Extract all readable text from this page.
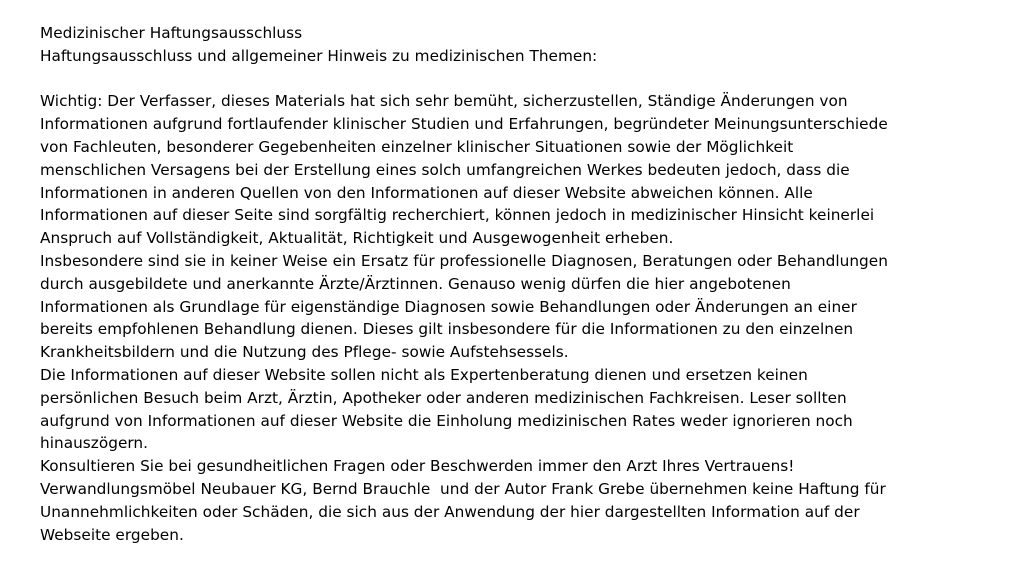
Medizinischer Haftungsausschluss
Haftungsausschluss und allgemeiner Hinweis zu medizinischen Themen:
Wichtig: Der Verfasser, dieses Materials hat sich sehr bemüht, sicherzustellen, Ständige Änderungen von
Informationen aufgrund fortlaufender klinischer Studien und Erfahrungen, begründeter Meinungsunterschiede
von Fachleuten, besonderer Gegebenheiten einzelner klinischer Situationen sowie der Möglichkeit
menschlichen Versagens bei der Erstellung eines solch umfangreichen Werkes bedeuten jedoch, dass die
Informationen in anderen Quellen von den Informationen auf dieser Website abweichen können. Alle
Informationen auf dieser Seite sind sorgfältig recherchiert, können jedoch in medizinischer Hinsicht keinerlei
Anspruch auf Vollständigkeit, Aktualität, Richtigkeit und Ausgewogenheit erheben.
Insbesondere sind sie in keiner Weise ein Ersatz für professionelle Diagnosen, Beratungen oder Behandlungen
durch ausgebildete und anerkannte Ärzte/Ärztinnen. Genauso wenig dürfen die hier angebotenen
Informationen als Grundlage für eigenständige Diagnosen sowie Behandlungen oder Änderungen an einer
bereits empfohlenen Behandlung dienen. Dieses gilt insbesondere für die Informationen zu den einzelnen
Krankheitsbildern und die Nutzung des Pflege- sowie Aufstehsessels.
Die Informationen auf dieser Website sollen nicht als Expertenberatung dienen und ersetzen keinen
persönlichen Besuch beim Arzt, Ärztin, Apotheker oder anderen medizinischen Fachkreisen. Leser sollten
aufgrund von Informationen auf dieser Website die Einholung medizinischen Rates weder ignorieren noch
hinauszögern.
Konsultieren Sie bei gesundheitlichen Fragen oder Beschwerden immer den Arzt Ihres Vertrauens!
Verwandlungsmöbel Neubauer KG, Bernd Brauchle  und der Autor Frank Grebe übernehmen keine Haftung für
Unannehmlichkeiten oder Schäden, die sich aus der Anwendung der hier dargestellten Information auf der
Webseite ergeben.
